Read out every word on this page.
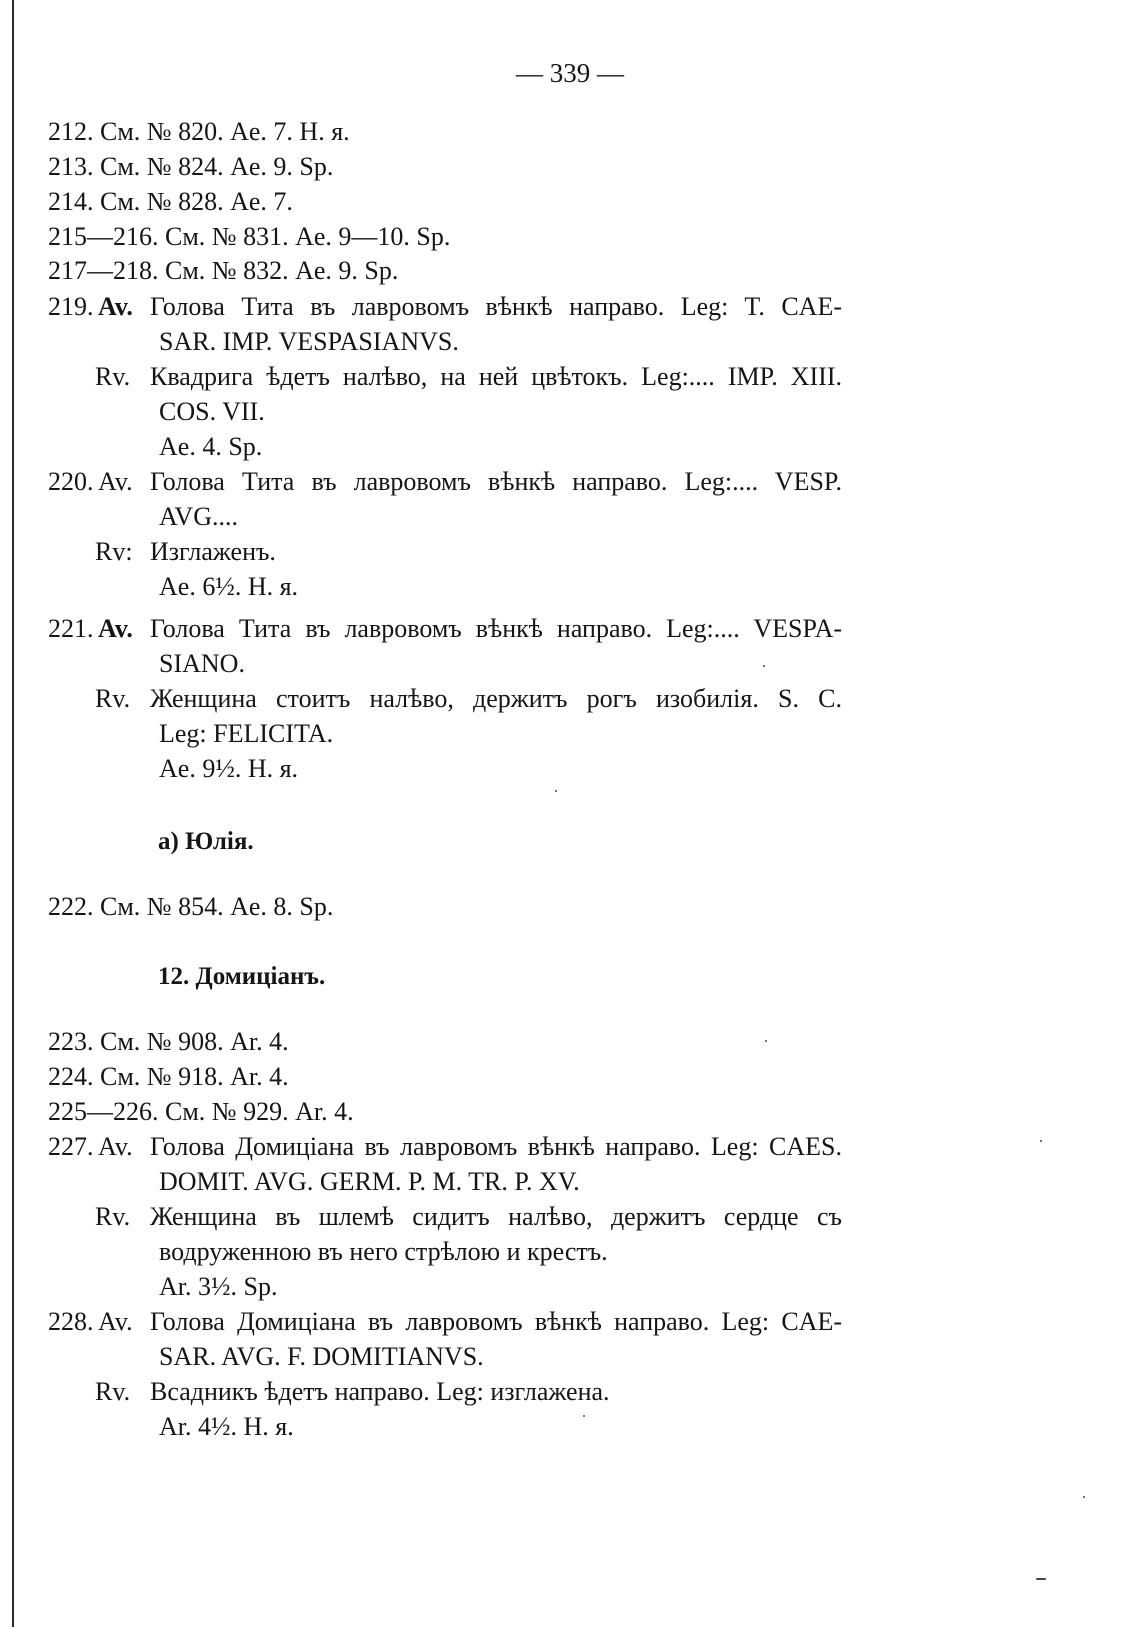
— 339 —
212. См. № 820. Ae. 7. H. я.
213. См. № 824. Ae. 9. Sp.
214. См. № 828. Ae. 7.
215—216. См. № 831. Ae. 9—10. Sp.
217—218. См. № 832. Ae. 9. Sp.
219. Av. Голова Тита въ лавровомъ вѣнкѣ направо. Leg: T. CAE-
SAR. IMP. VESPASIANVS.
Rv. Квадрига ѣдетъ налѣво, на ней цвѣтокъ. Leg:.... IMP. XIII.
COS. VII.
Ae. 4. Sp.
220. Av. Голова Тита въ лавровомъ вѣнкѣ направо. Leg:.... VESP.
AVG....
Rv: Изглаженъ.
Ae. 6½. H. я.
221. Av. Голова Тита въ лавровомъ вѣнкѣ направо. Leg:.... VESPA-
SIANO.
Rv. Женщина стоитъ налѣво, держитъ рогъ изобилія. S. C.
Leg: FELICITA.
Ae. 9½. H. я.
а) Юлія.
222. См. № 854. Ae. 8. Sp.
12. Домиціанъ.
223. См. № 908. Ar. 4.
224. См. № 918. Ar. 4.
225—226. См. № 929. Ar. 4.
227. Av. Голова Домиціана въ лавровомъ вѣнкѣ направо. Leg: CAES.
DOMIT. AVG. GERM. P. M. TR. P. XV.
Rv. Женщина въ шлемѣ сидитъ налѣво, держитъ сердце съ
водруженною въ него стрѣлою и крестъ.
Ar. 3½. Sp.
228. Av. Голова Домиціана въ лавровомъ вѣнкѣ направо. Leg: CAE-
SAR. AVG. F. DOMITIANVS.
Rv. Всадникъ ѣдетъ направо. Leg: изглажена.
Ar. 4½. H. я.
